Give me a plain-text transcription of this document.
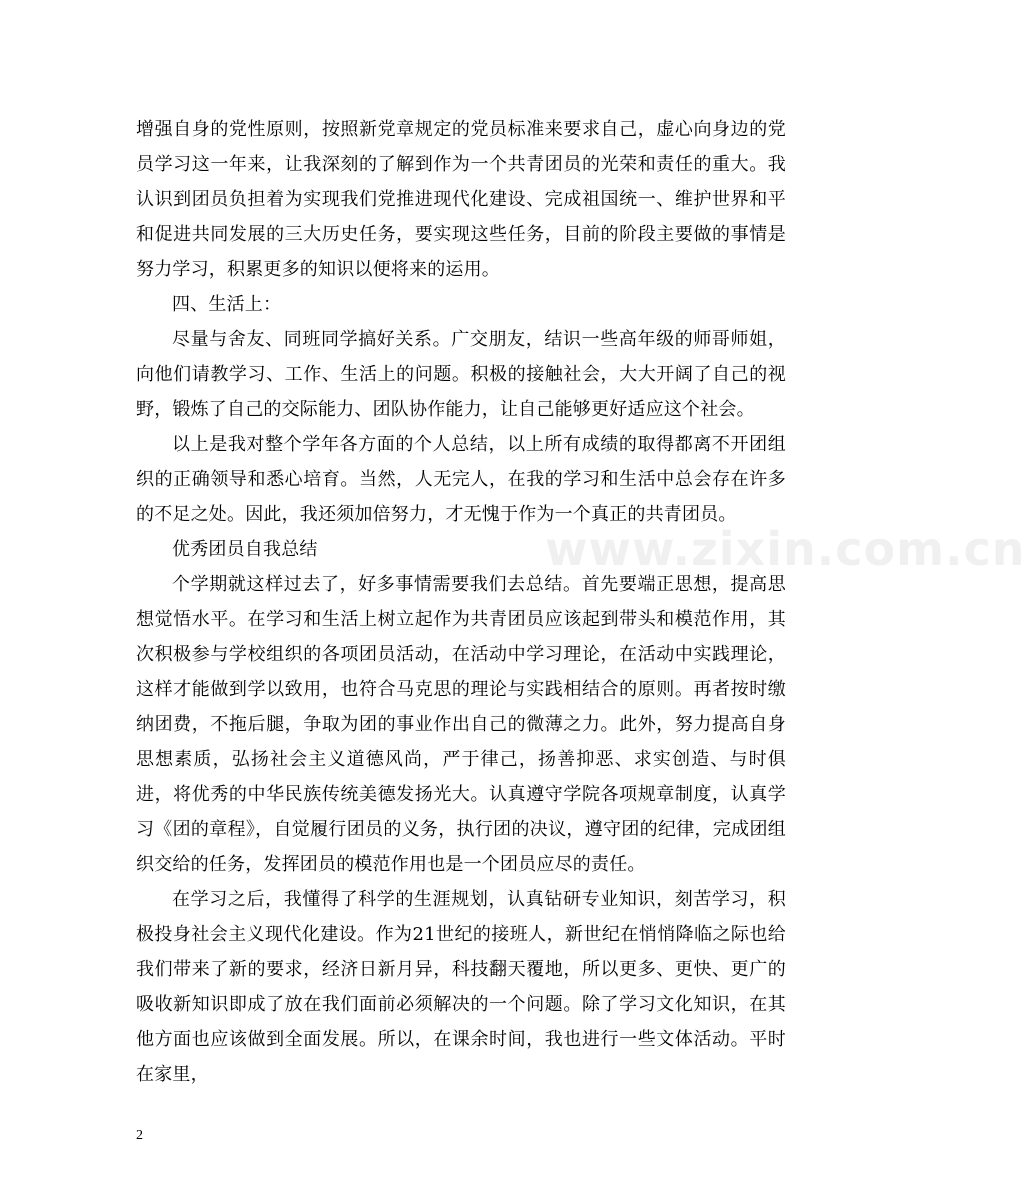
www.zixin.com.cn

增强自身的党性原则，按照新党章规定的党员标准来要求自己，虚心向身边的党员学习这一年来，让我深刻的了解到作为一个共青团员的光荣和责任的重大。我认识到团员负担着为实现我们党推进现代化建设、完成祖国统一、维护世界和平和促进共同发展的三大历史任务，要实现这些任务，目前的阶段主要做的事情是努力学习，积累更多的知识以便将来的运用。

四、生活上：

尽量与舍友、同班同学搞好关系。广交朋友，结识一些高年级的师哥师姐，向他们请教学习、工作、生活上的问题。积极的接触社会，大大开阔了自己的视野，锻炼了自己的交际能力、团队协作能力，让自己能够更好适应这个社会。

以上是我对整个学年各方面的个人总结，以上所有成绩的取得都离不开团组织的正确领导和悉心培育。当然，人无完人，在我的学习和生活中总会存在许多的不足之处。因此，我还须加倍努力，才无愧于作为一个真正的共青团员。

优秀团员自我总结

个学期就这样过去了，好多事情需要我们去总结。首先要端正思想，提高思想觉悟水平。在学习和生活上树立起作为共青团员应该起到带头和模范作用，其次积极参与学校组织的各项团员活动，在活动中学习理论，在活动中实践理论，这样才能做到学以致用，也符合马克思的理论与实践相结合的原则。再者按时缴纳团费，不拖后腿，争取为团的事业作出自己的微薄之力。此外，努力提高自身思想素质，弘扬社会主义道德风尚，严于律己，扬善抑恶、求实创造、与时俱进，将优秀的中华民族传统美德发扬光大。认真遵守学院各项规章制度，认真学习《团的章程》，自觉履行团员的义务，执行团的决议，遵守团的纪律，完成团组织交给的任务，发挥团员的模范作用也是一个团员应尽的责任。

在学习之后，我懂得了科学的生涯规划，认真钻研专业知识，刻苦学习，积极投身社会主义现代化建设。作为21世纪的接班人，新世纪在悄悄降临之际也给我们带来了新的要求，经济日新月异，科技翻天覆地，所以更多、更快、更广的吸收新知识即成了放在我们面前必须解决的一个问题。除了学习文化知识，在其他方面也应该做到全面发展。所以，在课余时间，我也进行一些文体活动。平时在家里，

2
